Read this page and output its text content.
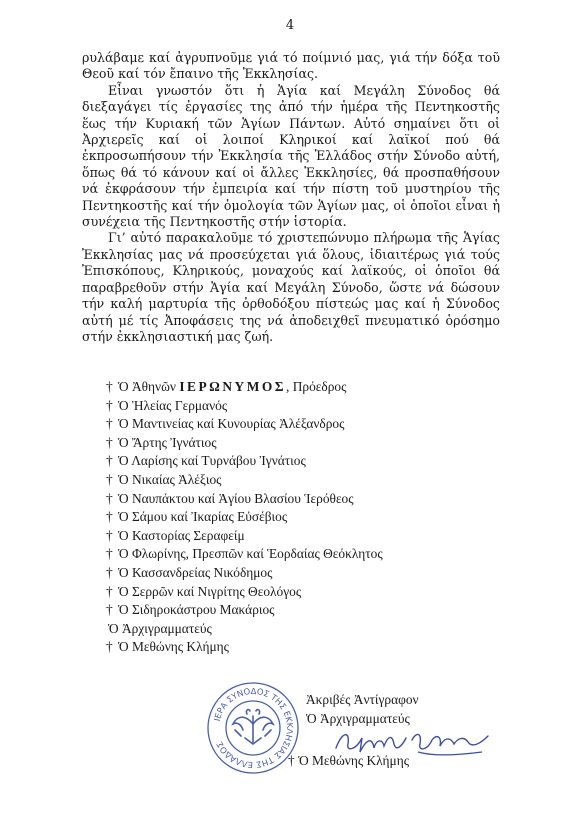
4

ρυλάβαμε καί ἀγρυπνοῦμε γιά τό ποίμνιό μας, γιά τήν δόξα τοῦ Θεοῦ καί τόν ἔπαινο τῆς Ἐκκλησίας.

Εἶναι γνωστόν ὅτι ἡ Ἁγία καί Μεγάλη Σύνοδος θά διεξαγάγει τίς ἐργασίες της ἀπό τήν ἡμέρα τῆς Πεντηκοστῆς ἕως τήν Κυριακή τῶν Ἁγίων Πάντων. Αὐτό σημαίνει ὅτι οἱ Ἀρχιερεῖς καί οἱ λοιποί Κληρικοί καί λαϊκοί πού θά ἐκπροσωπήσουν τήν Ἐκκλησία τῆς Ἑλλάδος στήν Σύνοδο αὐτή, ὅπως θά τό κάνουν καί οἱ ἄλλες Ἐκκλησίες, θά προσπαθήσουν νά ἐκφράσουν τήν ἐμπειρία καί τήν πίστη τοῦ μυστηρίου τῆς Πεντηκοστῆς καί τήν ὁμολογία τῶν Ἁγίων μας, οἱ ὁποῖοι εἶναι ἡ συνέχεια τῆς Πεντηκοστῆς στήν ἱστορία.

Γι’ αὐτό παρακαλοῦμε τό χριστεπώνυμο πλήρωμα τῆς Ἁγίας Ἐκκλησίας μας νά προσεύχεται γιά ὅλους, ἰδιαιτέρως γιά τούς Ἐπισκόπους, Κληρικούς, μοναχούς καί λαϊκούς, οἱ ὁποῖοι θά παραβρεθοῦν στήν Ἁγία καί Μεγάλη Σύνοδο, ὥστε νά δώσουν τήν καλή μαρτυρία τῆς ὀρθοδόξου πίστεώς μας καί ἡ Σύνοδος αὐτή μέ τίς Ἀποφάσεις της νά ἀποδειχθεῖ πνευματικό ὁρόσημο στήν ἐκκλησιαστική μας ζωή.

† Ὁ Ἀθηνῶν ΙΕΡΩΝΥΜΟΣ, Πρόεδρος
† Ὁ Ἠλείας Γερμανός
† Ὁ Μαντινείας καί Κυνουρίας Ἀλέξανδρος
† Ὁ Ἄρτης Ἰγνάτιος
† Ὁ Λαρίσης καί Τυρνάβου Ἰγνάτιος
† Ὁ Νικαίας Ἀλέξιος
† Ὁ Ναυπάκτου καί Ἁγίου Βλασίου Ἱερόθεος
† Ὁ Σάμου καί Ἰκαρίας Εὐσέβιος
† Ὁ Καστορίας Σεραφείμ
† Ὁ Φλωρίνης, Πρεσπῶν καί Ἑορδαίας Θεόκλητος
† Ὁ Κασσανδρείας Νικόδημος
† Ὁ Σερρῶν καί Νιγρίτης Θεολόγος
† Ὁ Σιδηροκάστρου Μακάριος
Ὁ Ἀρχιγραμματεύς
† Ὁ Μεθώνης Κλήμης
ΙΕΡΑ ΣΥΝΟΔΟΣ ΤΗΣ ΕΚΚΛΗΣΙΑΣ ΤΗΣ ΕΛΛΑΔΟΣ
Ἀκριβές Ἀντίγραφον
Ὁ Ἀρχιγραμματεύς
† Ὁ Μεθώνης Κλήμης
